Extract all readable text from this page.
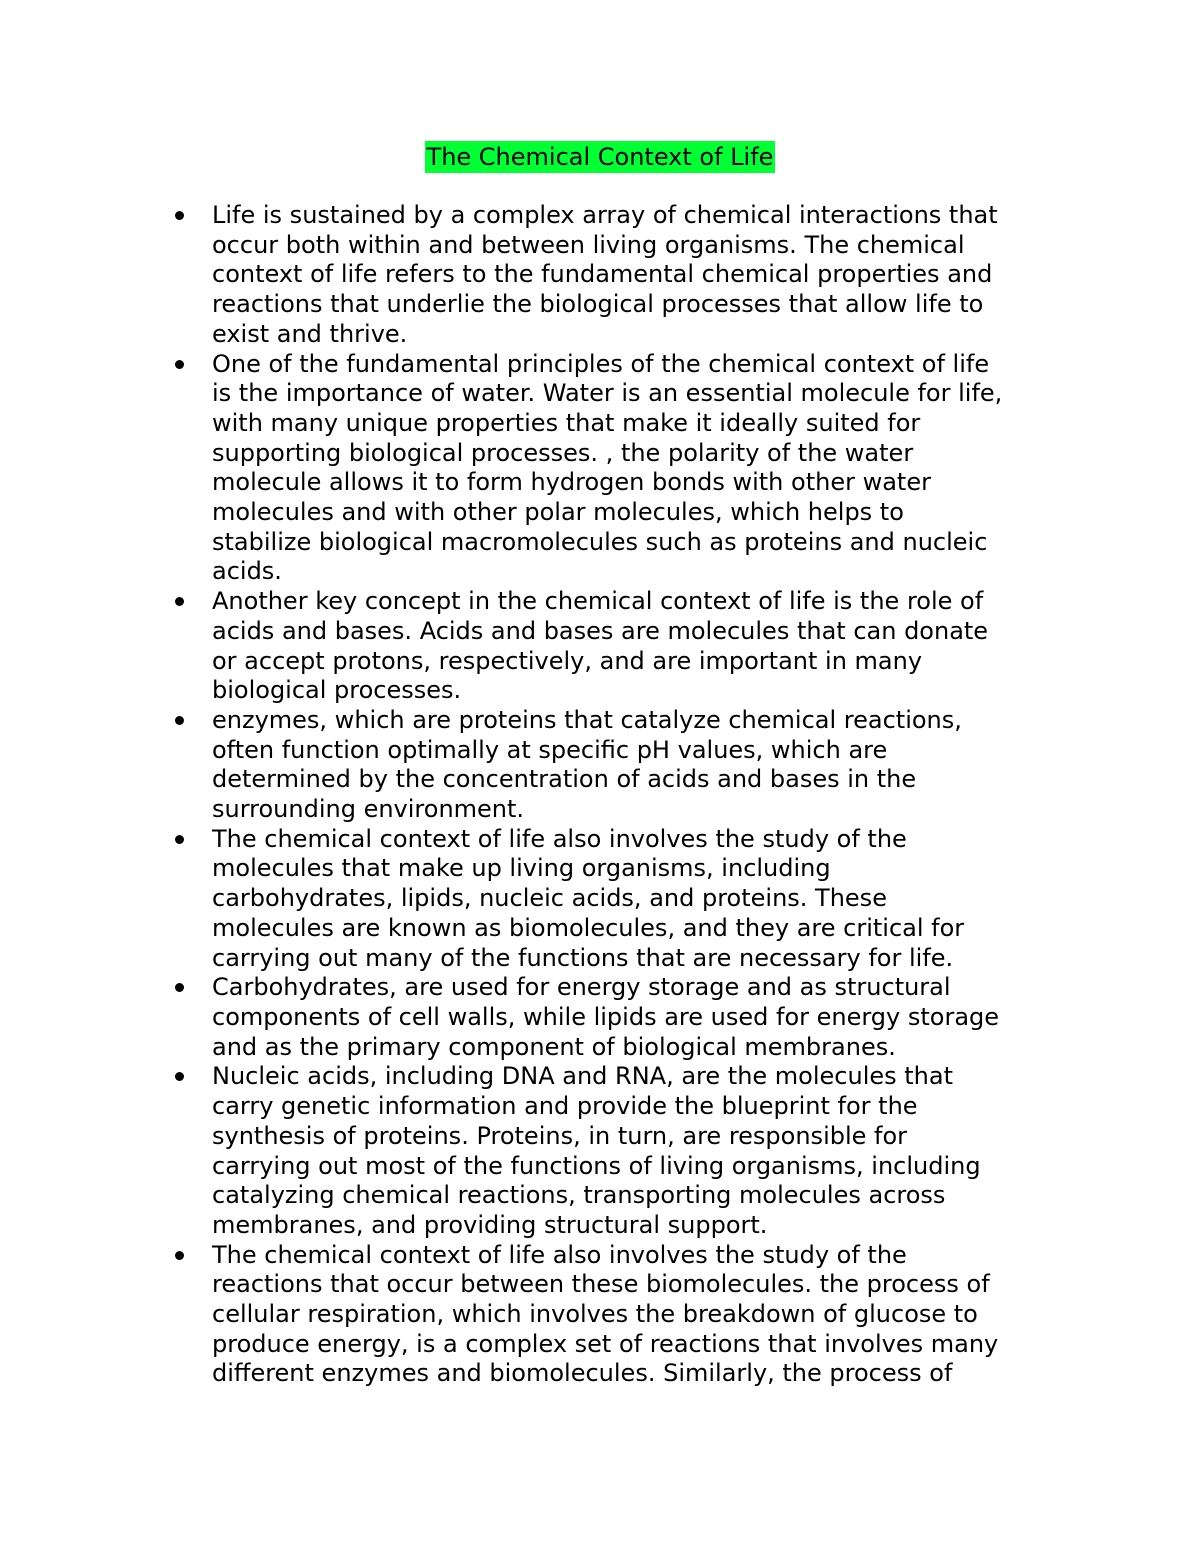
The Chemical Context of Life
Life is sustained by a complex array of chemical interactions that
occur both within and between living organisms. The chemical
context of life refers to the fundamental chemical properties and
reactions that underlie the biological processes that allow life to
exist and thrive.
One of the fundamental principles of the chemical context of life
is the importance of water. Water is an essential molecule for life,
with many unique properties that make it ideally suited for
supporting biological processes. , the polarity of the water
molecule allows it to form hydrogen bonds with other water
molecules and with other polar molecules, which helps to
stabilize biological macromolecules such as proteins and nucleic
acids.
Another key concept in the chemical context of life is the role of
acids and bases. Acids and bases are molecules that can donate
or accept protons, respectively, and are important in many
biological processes.
enzymes, which are proteins that catalyze chemical reactions,
often function optimally at specific pH values, which are
determined by the concentration of acids and bases in the
surrounding environment.
The chemical context of life also involves the study of the
molecules that make up living organisms, including
carbohydrates, lipids, nucleic acids, and proteins. These
molecules are known as biomolecules, and they are critical for
carrying out many of the functions that are necessary for life.
Carbohydrates, are used for energy storage and as structural
components of cell walls, while lipids are used for energy storage
and as the primary component of biological membranes.
Nucleic acids, including DNA and RNA, are the molecules that
carry genetic information and provide the blueprint for the
synthesis of proteins. Proteins, in turn, are responsible for
carrying out most of the functions of living organisms, including
catalyzing chemical reactions, transporting molecules across
membranes, and providing structural support.
The chemical context of life also involves the study of the
reactions that occur between these biomolecules. the process of
cellular respiration, which involves the breakdown of glucose to
produce energy, is a complex set of reactions that involves many
different enzymes and biomolecules. Similarly, the process of
